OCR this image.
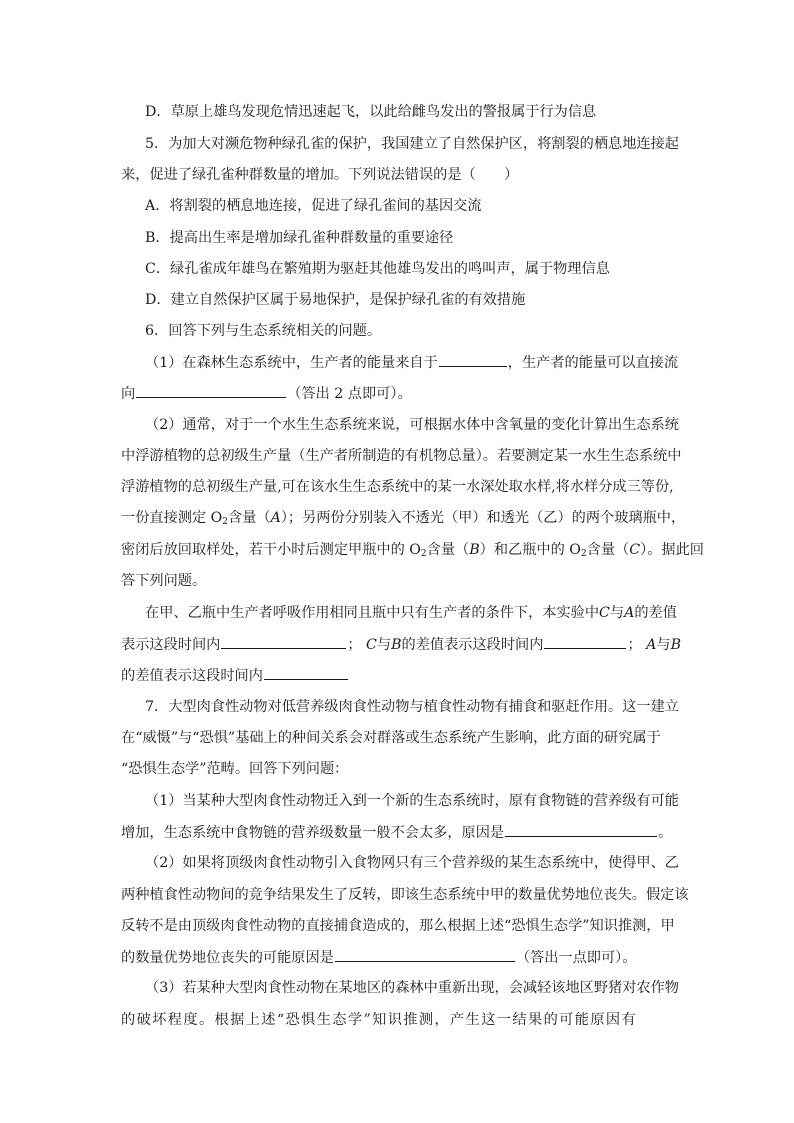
D．草原上雄鸟发现危情迅速起飞，以此给雌鸟发出的警报属于行为信息
5．为加大对濒危物种绿孔雀的保护，我国建立了自然保护区，将割裂的栖息地连接起
来，促进了绿孔雀种群数量的增加。下列说法错误的是（　　）
A．将割裂的栖息地连接，促进了绿孔雀间的基因交流
B．提高出生率是增加绿孔雀种群数量的重要途径
C．绿孔雀成年雄鸟在繁殖期为驱赶其他雄鸟发出的鸣叫声，属于物理信息
D．建立自然保护区属于易地保护，是保护绿孔雀的有效措施
6．回答下列与生态系统相关的问题。
（1）在森林生态系统中，生产者的能量来自于	，生产者的能量可以直接流
向	（答出 2 点即可）。
（2）通常，对于一个水生生态系统来说，可根据水体中含氧量的变化计算出生态系统
中浮游植物的总初级生产量（生产者所制造的有机物总量）。若要测定某一水生生态系统中
浮游植物的总初级生产量,可在该水生生态系统中的某一水深处取水样,将水样分成三等份,
一份直接测定 $O_2$含量（A）；另两份分别装入不透光（甲）和透光（乙）的两个玻璃瓶中，
密闭后放回取样处，若干小时后测定甲瓶中的 $O_2$含量（B）和乙瓶中的 $O_2$含量（C）。据此回
答下列问题。
在甲、乙瓶中生产者呼吸作用相同且瓶中只有生产者的条件下，本实验中C与A的差值
表示这段时间内	； C与B的差值表示这段时间内	； A与B
的差值表示这段时间内
7．大型肉食性动物对低营养级肉食性动物与植食性动物有捕食和驱赶作用。这一建立
在“威慑”与“恐惧”基础上的种间关系会对群落或生态系统产生影响，此方面的研究属于
“恐惧生态学”范畴。回答下列问题：
（1）当某种大型肉食性动物迁入到一个新的生态系统时，原有食物链的营养级有可能
增加，生态系统中食物链的营养级数量一般不会太多，原因是	。
（2）如果将顶级肉食性动物引入食物网只有三个营养级的某生态系统中，使得甲、乙
两种植食性动物间的竞争结果发生了反转，即该生态系统中甲的数量优势地位丧失。假定该
反转不是由顶级肉食性动物的直接捕食造成的，那么根据上述“恐惧生态学”知识推测，甲
的数量优势地位丧失的可能原因是	（答出一点即可）。
（3）若某种大型肉食性动物在某地区的森林中重新出现，会减轻该地区野猪对农作物
的破坏程度。根据上述“恐惧生态学”知识推测，产生这一结果的可能原因有
